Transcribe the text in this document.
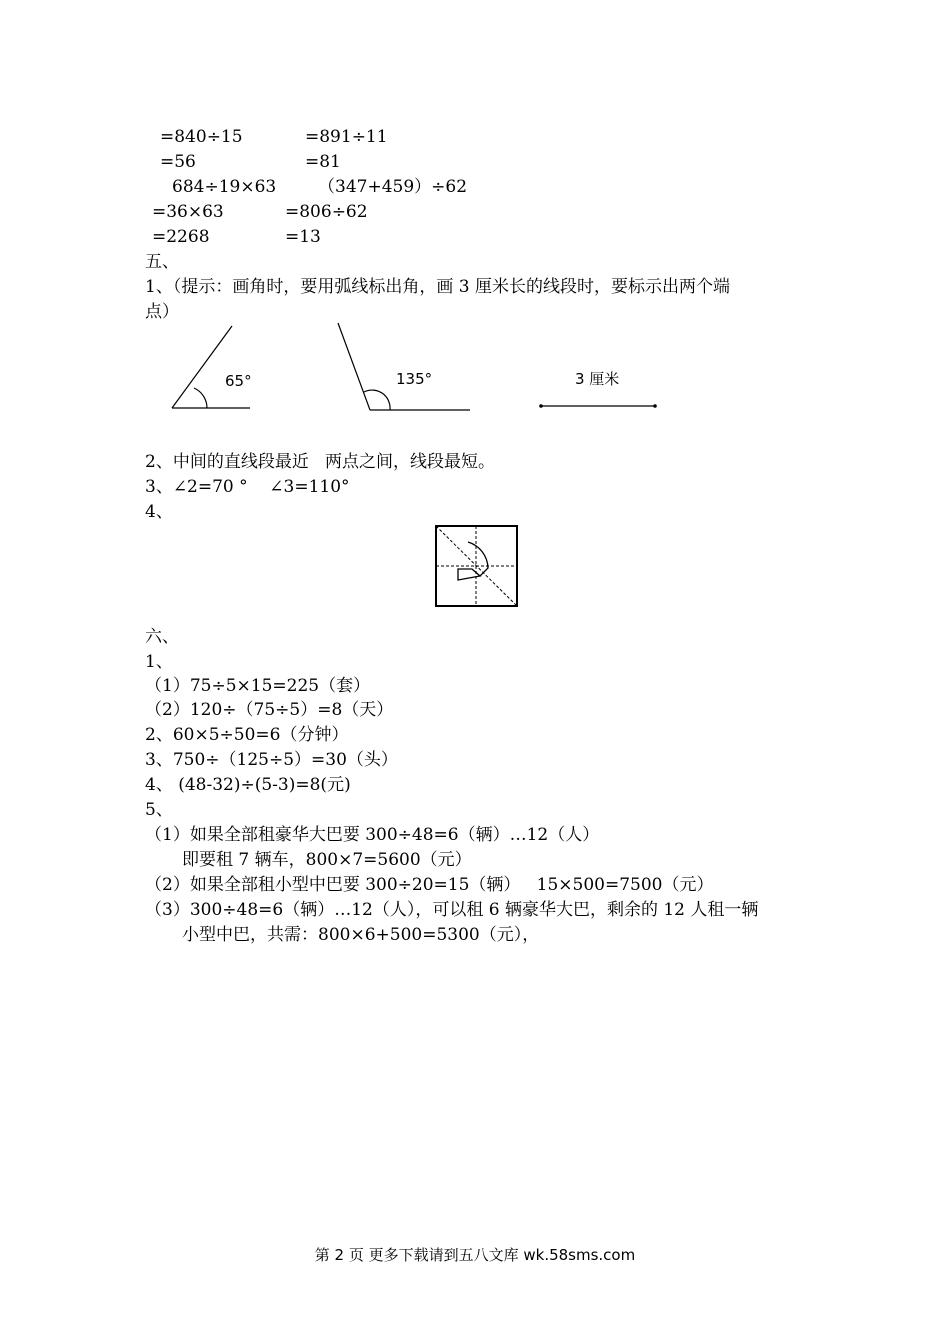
=840÷15	=891÷11
=56	=81
684÷19×63 （347+459）÷62
=36×63	=806÷62
=2268	=13
五、
1、（提示：画角时，要用弧线标出角，画 3 厘米长的线段时，要标示出两个端
点）
65°	135°	3 厘米
2、中间的直线段最近   两点之间，线段最短。
3、∠2=70 °    ∠3=110°
4、
六、
1、
（1）75÷5×15=225（套）
（2）120÷（75÷5）=8（天）
2、60×5÷50=6（分钟）
3、750÷（125÷5）=30（头）
4、 (48-32)÷(5-3)=8(元)
5、
（1）如果全部租豪华大巴要 300÷48=6（辆）…12（人）
即要租 7 辆车，800×7=5600（元）
（2）如果全部租小型中巴要 300÷20=15（辆）   15×500=7500（元）
（3）300÷48=6（辆）…12（人），可以租 6 辆豪华大巴，剩余的 12 人租一辆
小型中巴，共需：800×6+500=5300（元），
第 2 页 更多下载请到五八文库 wk.58sms.com
